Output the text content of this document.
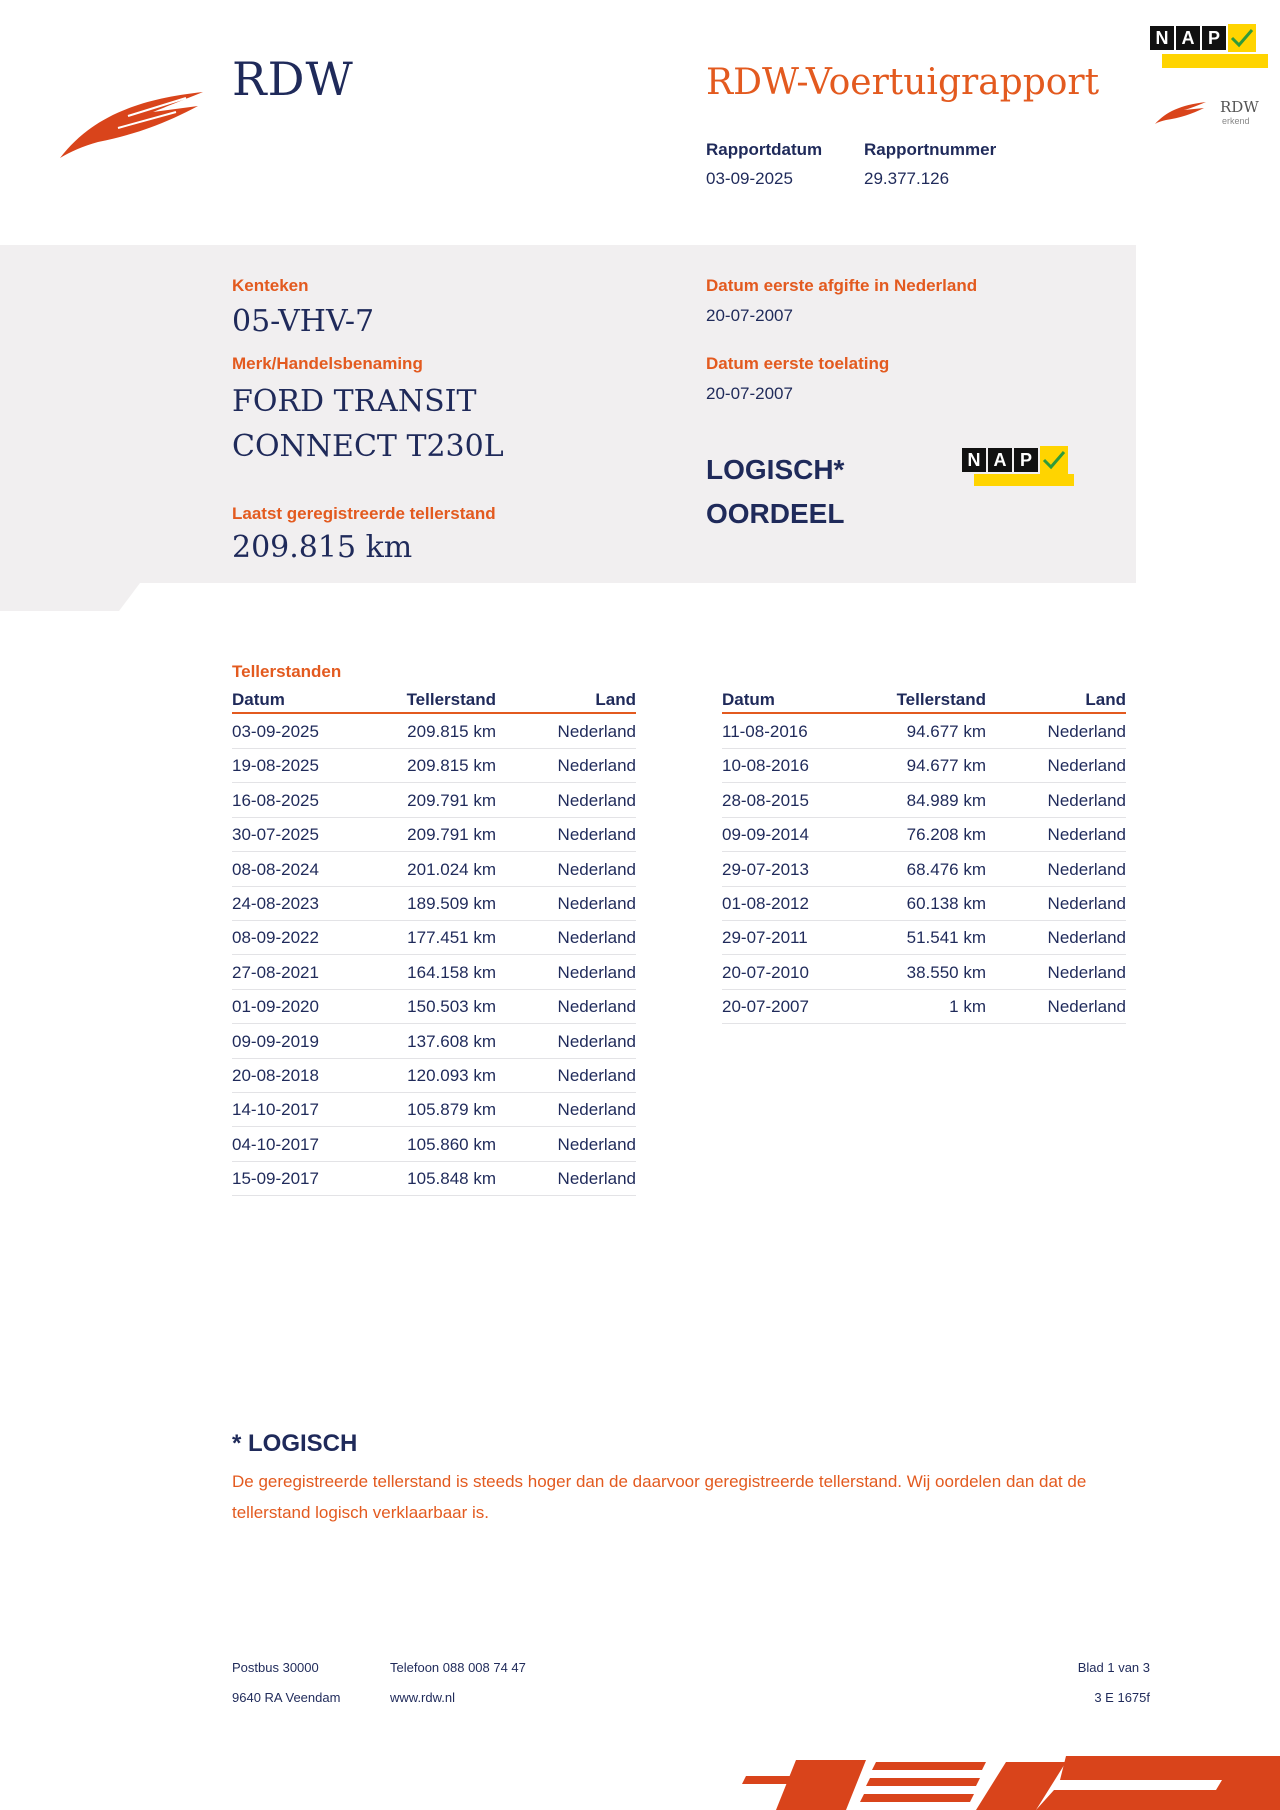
RDW
N A P
RDW
erkend
RDW-Voertuigrapport
Rapportdatum
03-09-2025
Rapportnummer
29.377.126
Kenteken
05-VHV-7
Merk/Handelsbenaming
FORD TRANSIT
CONNECT T230L
Laatst geregistreerde tellerstand
209.815 km
Datum eerste afgifte in Nederland
20-07-2007
Datum eerste toelating
20-07-2007
LOGISCH*
OORDEEL
N A P
Tellerstanden
Datum	Tellerstand	Land
03-09-2025	209.815 km	Nederland
19-08-2025	209.815 km	Nederland
16-08-2025	209.791 km	Nederland
30-07-2025	209.791 km	Nederland
08-08-2024	201.024 km	Nederland
24-08-2023	189.509 km	Nederland
08-09-2022	177.451 km	Nederland
27-08-2021	164.158 km	Nederland
01-09-2020	150.503 km	Nederland
09-09-2019	137.608 km	Nederland
20-08-2018	120.093 km	Nederland
14-10-2017	105.879 km	Nederland
04-10-2017	105.860 km	Nederland
15-09-2017	105.848 km	Nederland
Datum	Tellerstand	Land
11-08-2016	94.677 km	Nederland
10-08-2016	94.677 km	Nederland
28-08-2015	84.989 km	Nederland
09-09-2014	76.208 km	Nederland
29-07-2013	68.476 km	Nederland
01-08-2012	60.138 km	Nederland
29-07-2011	51.541 km	Nederland
20-07-2010	38.550 km	Nederland
20-07-2007	1 km	Nederland
* LOGISCH
De geregistreerde tellerstand is steeds hoger dan de daarvoor geregistreerde tellerstand. Wij oordelen dan dat de tellerstand logisch verklaarbaar is.
Postbus 30000
9640 RA Veendam
Telefoon 088 008 74 47
www.rdw.nl
Blad 1 van 3
3 E 1675f
